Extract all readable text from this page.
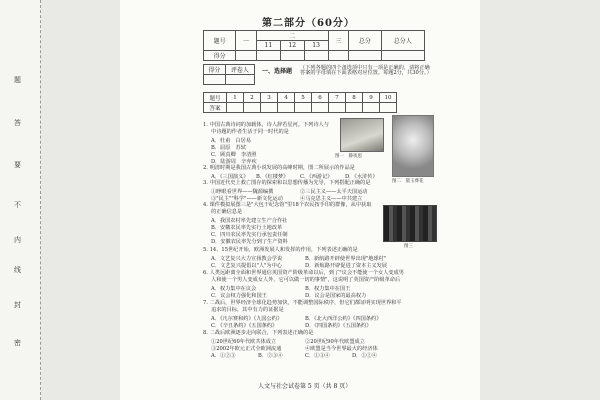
题
答
要
不
内
线
封
密
第二部分（60分）
题号	一	二			三	总分	总分人
		11	12	13			
得分							
得分	评卷人
	一、选择题 （下列各题的四个备选项中只有一项是正确的，请将正确答案的字母填在下面表格对应位置。每题2分，共30分。）
题号	1	2	3	4	5	6	7	8	9	10
答案										
图一　静夜思
图二　黛玉葬花
图三
1. 中国古典诗词的加载体，诗人辞若星河。下列诗人与
中诗题的作者生活于同一时代的是
A．杜甫　白居易
B．屈原　苏轼
C．顾真卿　李清照
D．陆游周　辛弃疾
2. 明清时期是我国古典小说发展的高峰时期，图二所展示的作品是
A．《三国演义》 B．《红楼梦》 C．《西游记》 D．《水浒传》
3. 中国近代史上救亡图存的探索和以思想传播为先导，下列搭配正确的是
①睁眼看世界——魏源编撰	②三民主义——太平天国运动
③"民主""科学"——新文化运动	④马克思主义——中共建立
4. 课件模拟展图三是"大包干纪念馆"里18个农民按手印的群像，从中获取
的正确信息是
A．我国农村率先建立生产合作社
B．安徽农民率先实行土地改革
C．四川农民率先实行承包责任制
D．安徽农民率先分到了生产资料
5. 14、15世纪开始，欧洲发展人和发挥的作用，下列表述正确的是
A．文艺复兴大力宣扬教会学说	B．新航路开辟使世界出现"地球村"
C．文艺复兴提倡以"人"为中心	D．新航路开辟促进了资本主义发展
6. 人类远距离全面和世界通信英国资产阶级革命以后，到了"议会不能使一个女人变成男
人和使一个男人变成女人外，它可以做一切的事情"，这说明了英国资产阶级革命后
A．权力集中在议会	B．权力集中在国王
C．议会权力强化和国王	D．议会是国家的最高权力
7. 二战后，世界经济全球化趋势加快，不能调整国际秩序，但它们都证明实现世界和平
追求的目标，其中有力的证据是
A．《凡尔赛和约》《九国公约》	B．《北大西洋公约》《四国条约》
C．《辛丑条约》《五国条约》	D．《四国条约》《五国条约》
8. 二战后欧洲逐步走向联合，下列表述正确的是
①20世纪60年代欧共体成立	②20世纪90年代欧盟成立
③2002年欧元正式全欧洲流通	④欧盟是当今世界最大的经济体
A．①②③	B．②③④	C．①③④	D．①②④
人文与社会试卷第 5 页（共 8 页）
